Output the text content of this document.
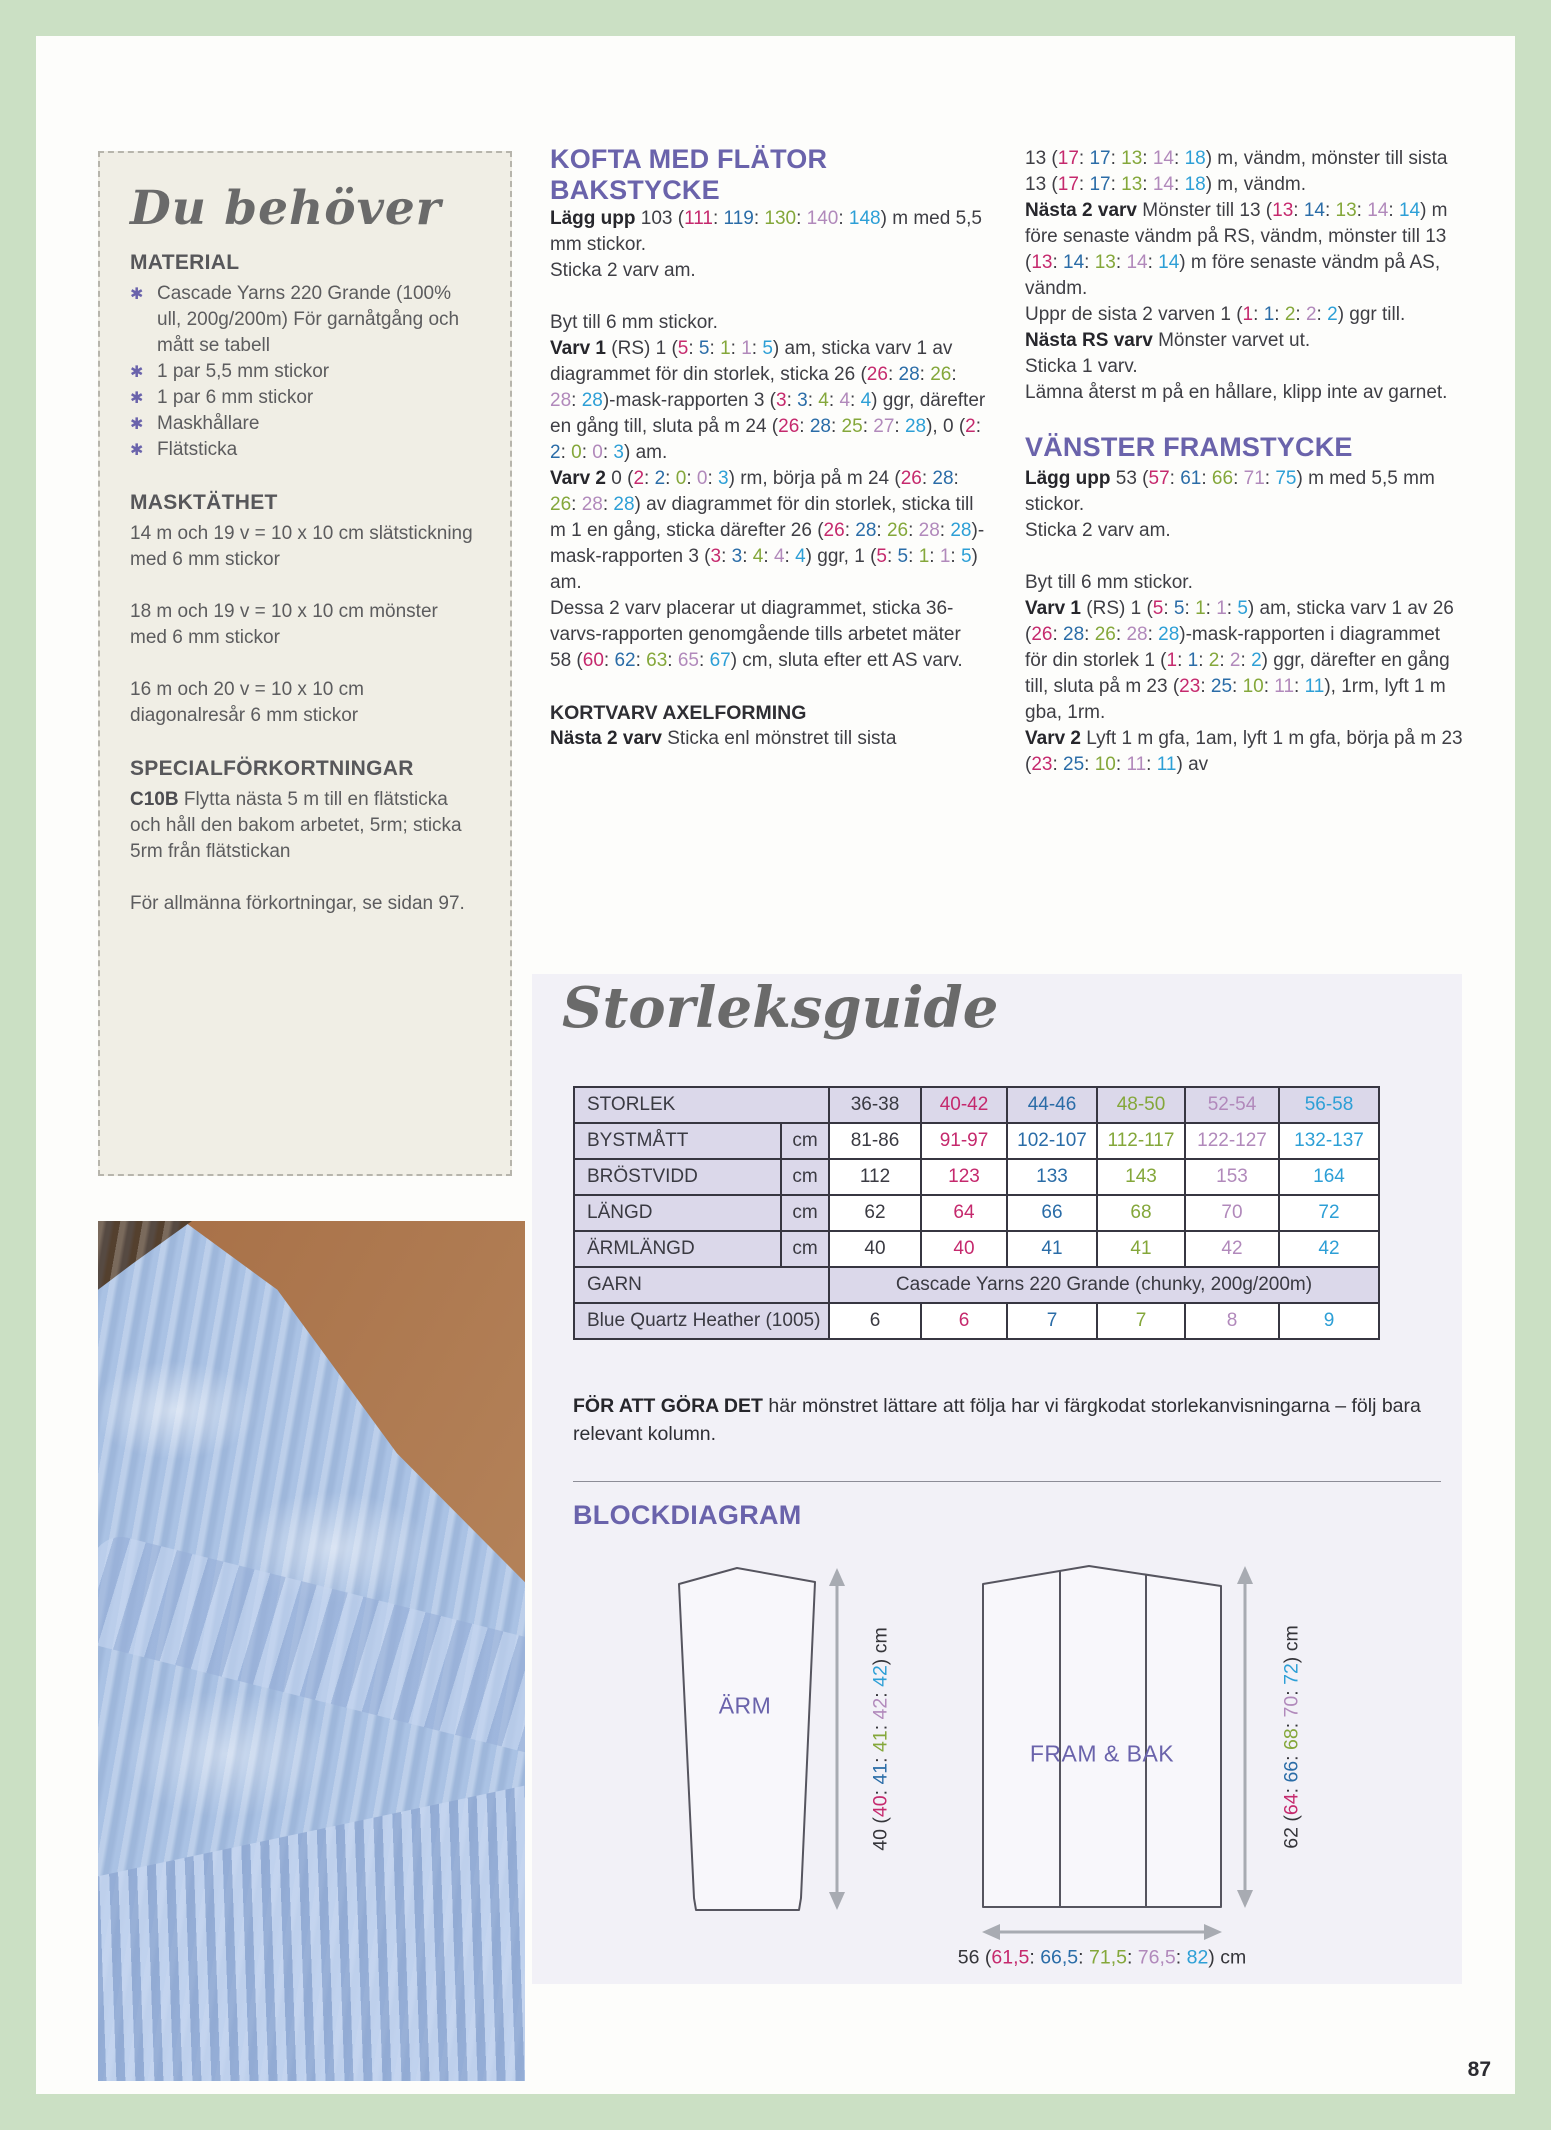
Du behöver
MATERIAL
✱ Cascade Yarns 220 Grande (100% ull, 200g/200m) För garnåtgång och mått se tabell
✱ 1 par 5,5 mm stickor
✱ 1 par 6 mm stickor
✱ Maskhållare
✱ Flätsticka
MASKTÄTHET

14 m och 19 v = 10 x 10 cm slätstickning med 6 mm stickor

18 m och 19 v = 10 x 10 cm mönster med 6 mm stickor

16 m och 20 v = 10 x 10 cm diagonalresår 6 mm stickor

SPECIALFÖRKORTNINGAR

C10B Flytta nästa 5 m till en flätsticka och håll den bakom arbetet, 5rm; sticka 5rm från flätstickan

För allmänna förkortningar, se sidan 97.

KOFTA MED FLÄTOR
BAKSTYCKE

Lägg upp 103 (111: 119: 130: 140: 148) m med 5,5 mm stickor.

Sticka 2 varv am.

Byt till 6 mm stickor.

Varv 1 (RS) 1 (5: 5: 1: 1: 5) am, sticka varv 1 av diagrammet för din storlek, sticka 26 (26: 28: 26: 28: 28)-mask-rapporten 3 (3: 3: 4: 4: 4) ggr, därefter en gång till, sluta på m 24 (26: 28: 25: 27: 28), 0 (2: 2: 0: 0: 3) am.

Varv 2 0 (2: 2: 0: 0: 3) rm, börja på m 24 (26: 28: 26: 28: 28) av diagrammet för din storlek, sticka till m 1 en gång, sticka därefter 26 (26: 28: 26: 28: 28)-mask-rapporten 3 (3: 3: 4: 4: 4) ggr, 1 (5: 5: 1: 1: 5) am.

Dessa 2 varv placerar ut diagrammet, sticka 36-varvs-rapporten genomgående tills arbetet mäter 58 (60: 62: 63: 65: 67) cm, sluta efter ett AS varv.

KORTVARV AXELFORMING

Nästa 2 varv Sticka enl mönstret till sista

13 (17: 17: 13: 14: 18) m, vändm, mönster till sista 13 (17: 17: 13: 14: 18) m, vändm.

Nästa 2 varv Mönster till 13 (13: 14: 13: 14: 14) m före senaste vändm på RS, vändm, mönster till 13 (13: 14: 13: 14: 14) m före senaste vändm på AS, vändm.

Uppr de sista 2 varven 1 (1: 1: 2: 2: 2) ggr till.

Nästa RS varv Mönster varvet ut.

Sticka 1 varv.

Lämna återst m på en hållare, klipp inte av garnet.

VÄNSTER FRAMSTYCKE

Lägg upp 53 (57: 61: 66: 71: 75) m med 5,5 mm stickor.

Sticka 2 varv am.

Byt till 6 mm stickor.

Varv 1 (RS) 1 (5: 5: 1: 1: 5) am, sticka varv 1 av 26 (26: 28: 26: 28: 28)-mask-rapporten i diagrammet för din storlek 1 (1: 1: 2: 2: 2) ggr, därefter en gång till, sluta på m 23 (23: 25: 10: 11: 11), 1rm, lyft 1 m gba, 1rm.

Varv 2 Lyft 1 m gfa, 1am, lyft 1 m gfa, börja på m 23 (23: 25: 10: 11: 11) av

Storleksguide
STORLEK		36-38	40-42	44-46	48-50	52-54	56-58
BYSTMÅTT	cm	81-86	91-97	102-107	112-117	122-127	132-137
BRÖSTVIDD	cm	112	123	133	143	153	164
LÄNGD	cm	62	64	66	68	70	72
ÄRMLÄNGD	cm	40	40	41	41	42	42
GARN		Cascade Yarns 220 Grande (chunky, 200g/200m)					
Blue Quartz Heather (1005)		6	6	7	7	8	9

FÖR ATT GÖRA DET här mönstret lättare att följa har vi färgkodat storlekanvisningarna – följ bara relevant kolumn.

BLOCKDIAGRAM
ÄRM
FRAM & BAK
40 (40: 41: 41: 42: 42) cm
62 (64: 66: 68: 70: 72) cm
56 (61,5: 66,5: 71,5: 76,5: 82) cm
87
